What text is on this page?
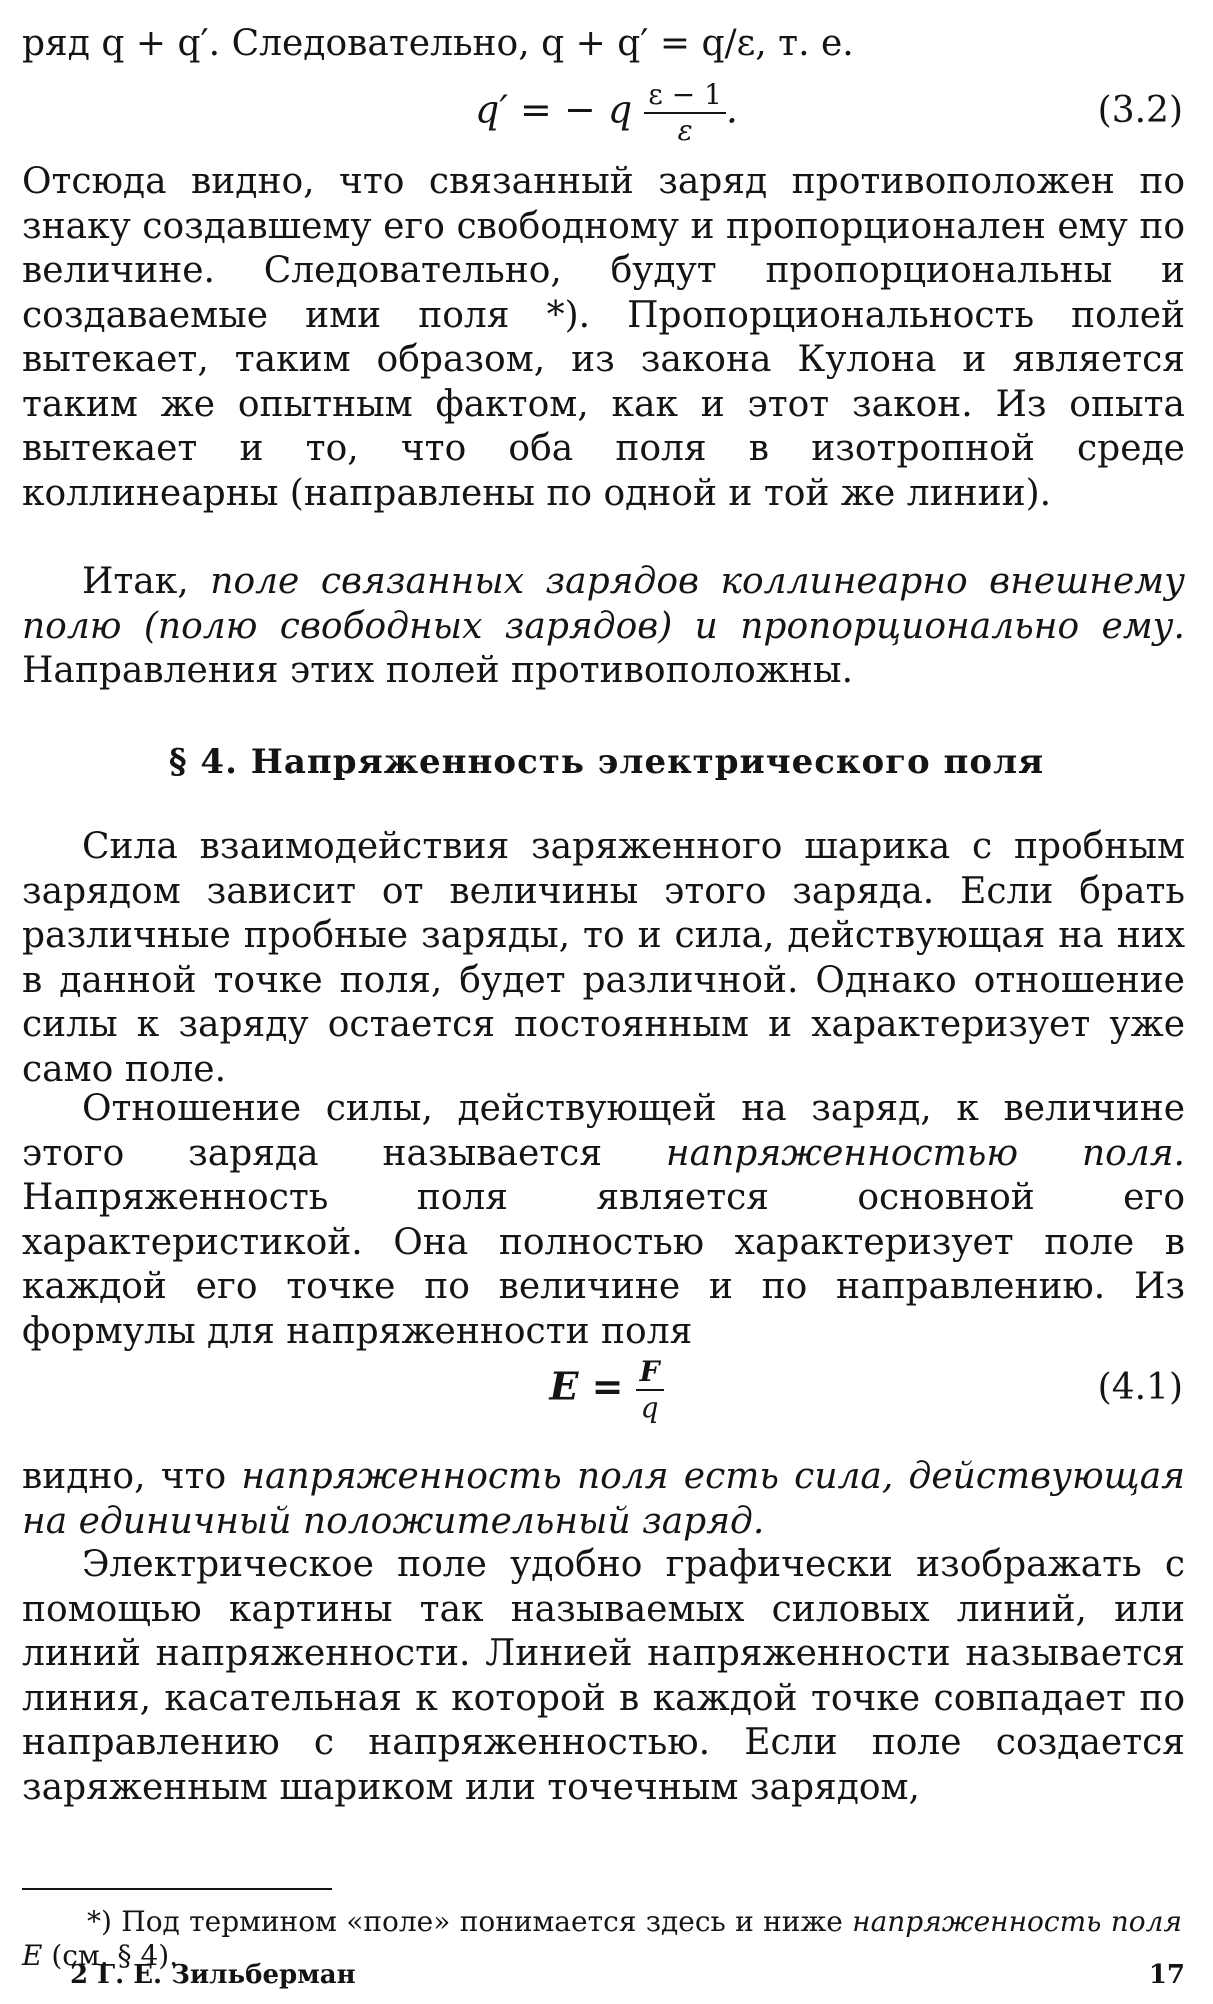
ряд q + q′. Следовательно, q + q′ = q/ε, т. е.

q′ = − q $\frac{\varepsilon - 1}{\varepsilon}$ .	(3.2)

Отсюда видно, что связанный заряд противоположен по знаку создавшему его свободному и пропорционален ему по величине. Следовательно, будут пропорциональны и создаваемые ими поля *). Пропорциональность полей вытекает, таким образом, из закона Кулона и является таким же опытным фактом, как и этот закон. Из опыта вытекает и то, что оба поля в изотропной среде коллинеарны (направлены по одной и той же линии).

Итак, поле связанных зарядов коллинеарно внешнему полю (полю свободных зарядов) и пропорционально ему. Направления этих полей противоположны.

§ 4. Напряженность электрического поля

Сила взаимодействия заряженного шарика с пробным зарядом зависит от величины этого заряда. Если брать различные пробные заряды, то и сила, действующая на них в данной точке поля, будет различной. Однако отношение силы к заряду остается постоянным и характеризует уже само поле.

Отношение силы, действующей на заряд, к величине этого заряда называется напряженностью поля. Напряженность поля является основной его характеристикой. Она полностью характеризует поле в каждой его точке по величине и по направлению. Из формулы для напряженности поля

$E = \frac{F}{q}$	(4.1)

видно, что напряженность поля есть сила, действующая на единичный положительный заряд.

Электрическое поле удобно графически изображать с помощью картины так называемых силовых линий, или линий напряженности. Линией напряженности называется линия, касательная к которой в каждой точке совпадает по направлению с напряженностью. Если поле создается заряженным шариком или точечным зарядом,

*) Под термином «поле» понимается здесь и ниже напряженность поля E (см. § 4).
2 Г. Е. Зильберман	17
